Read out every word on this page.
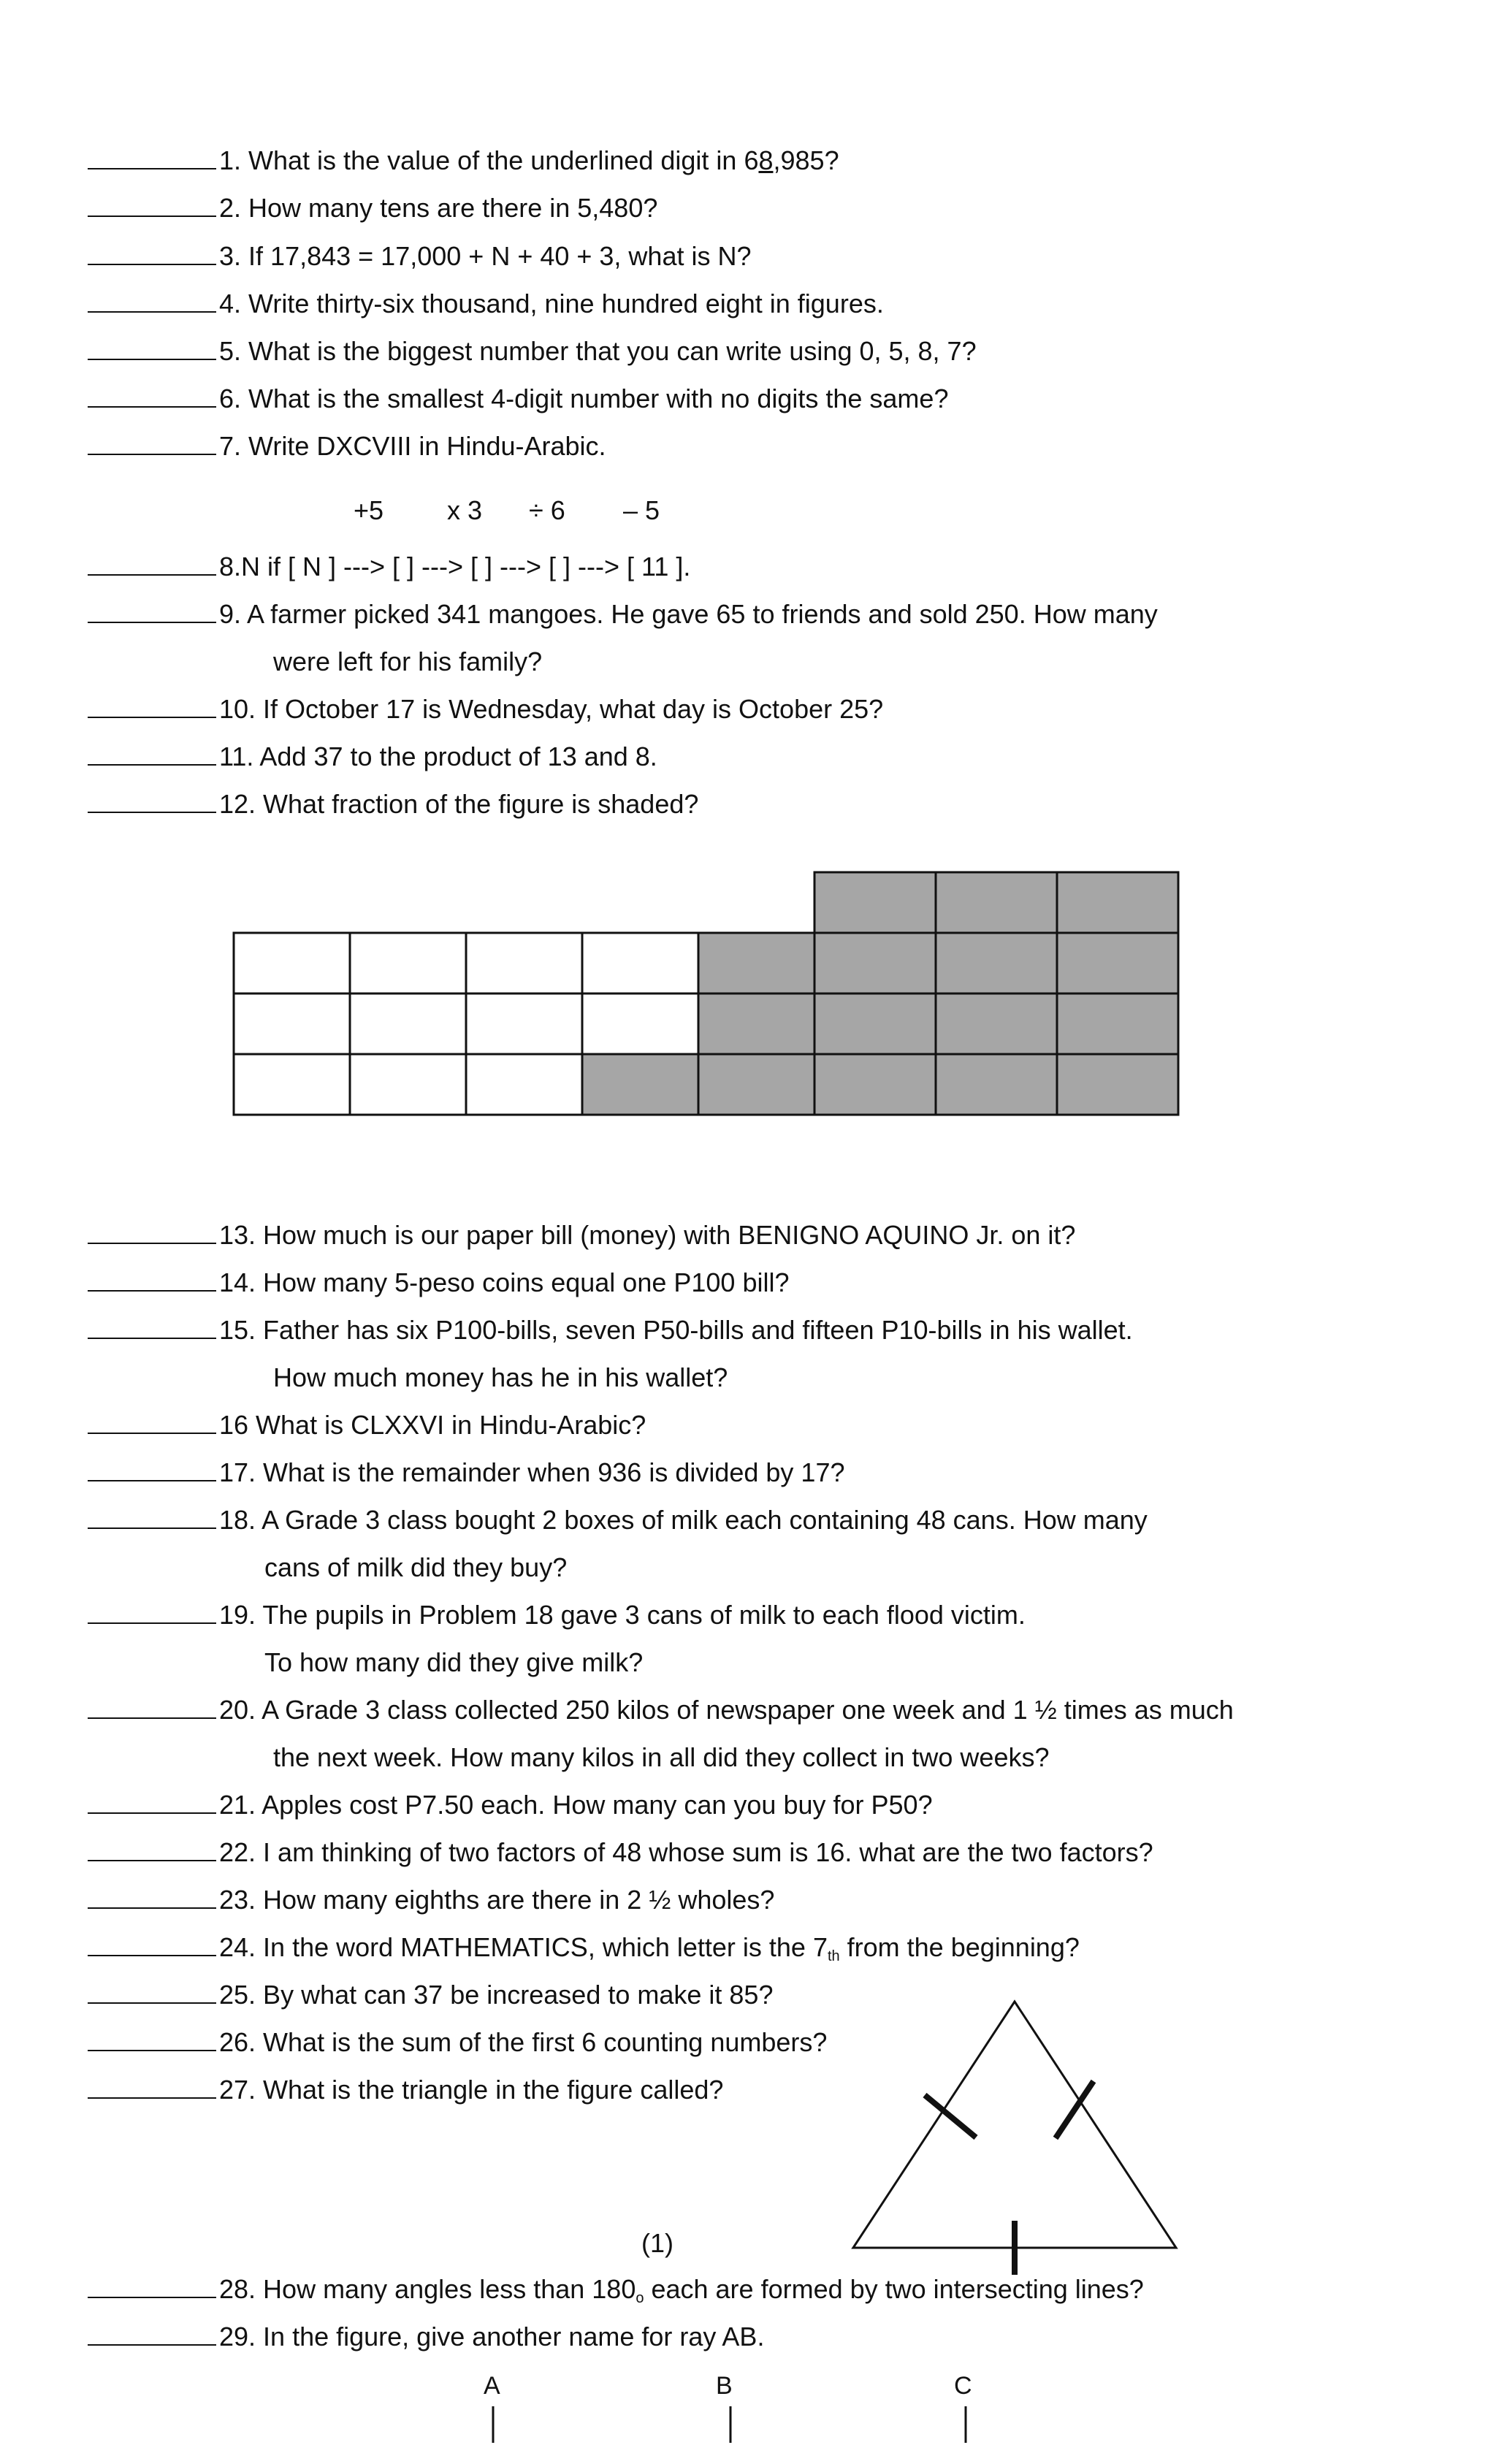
1. What is the value of the underlined digit in 68,985?
2. How many tens are there in 5,480?
3. If 17,843 = 17,000 + N + 40 + 3, what is N?
4. Write thirty-six thousand, nine hundred eight in figures.
5. What is the biggest number that you can write using 0, 5, 8, 7?
6. What is the smallest 4-digit number with no digits the same?
7. Write DXCVIII in Hindu-Arabic.
+5 x 3 ÷ 6 – 5
8.N if [ N ] ---> [ ] ---> [ ] ---> [ ] ---> [ 11 ].
9. A farmer picked 341 mangoes. He gave 65 to friends and sold 250. How many
were left for his family?
10. If October 17 is Wednesday, what day is October 25?
11. Add 37 to the product of 13 and 8.
12. What fraction of the figure is shaded?
13. How much is our paper bill (money) with BENIGNO AQUINO Jr. on it?
14. How many 5-peso coins equal one P100 bill?
15. Father has six P100-bills, seven P50-bills and fifteen P10-bills in his wallet.
How much money has he in his wallet?
16 What is CLXXVI in Hindu-Arabic?
17. What is the remainder when 936 is divided by 17?
18. A Grade 3 class bought 2 boxes of milk each containing 48 cans. How many
cans of milk did they buy?
19. The pupils in Problem 18 gave 3 cans of milk to each flood victim.
To how many did they give milk?
20. A Grade 3 class collected 250 kilos of newspaper one week and 1 ½ times as much
the next week. How many kilos in all did they collect in two weeks?
21. Apples cost P7.50 each. How many can you buy for P50?
22. I am thinking of two factors of 48 whose sum is 16. what are the two factors?
23. How many eighths are there in 2 ½ wholes?
24. In the word MATHEMATICS, which letter is the $7_{th}$ from the beginning?
25. By what can 37 be increased to make it 85?
26. What is the sum of the first 6 counting numbers?
27. What is the triangle in the figure called?
(1)
28. How many angles less than $180_o$ each are formed by two intersecting lines?
29. In the figure, give another name for ray AB.
A	B	C
